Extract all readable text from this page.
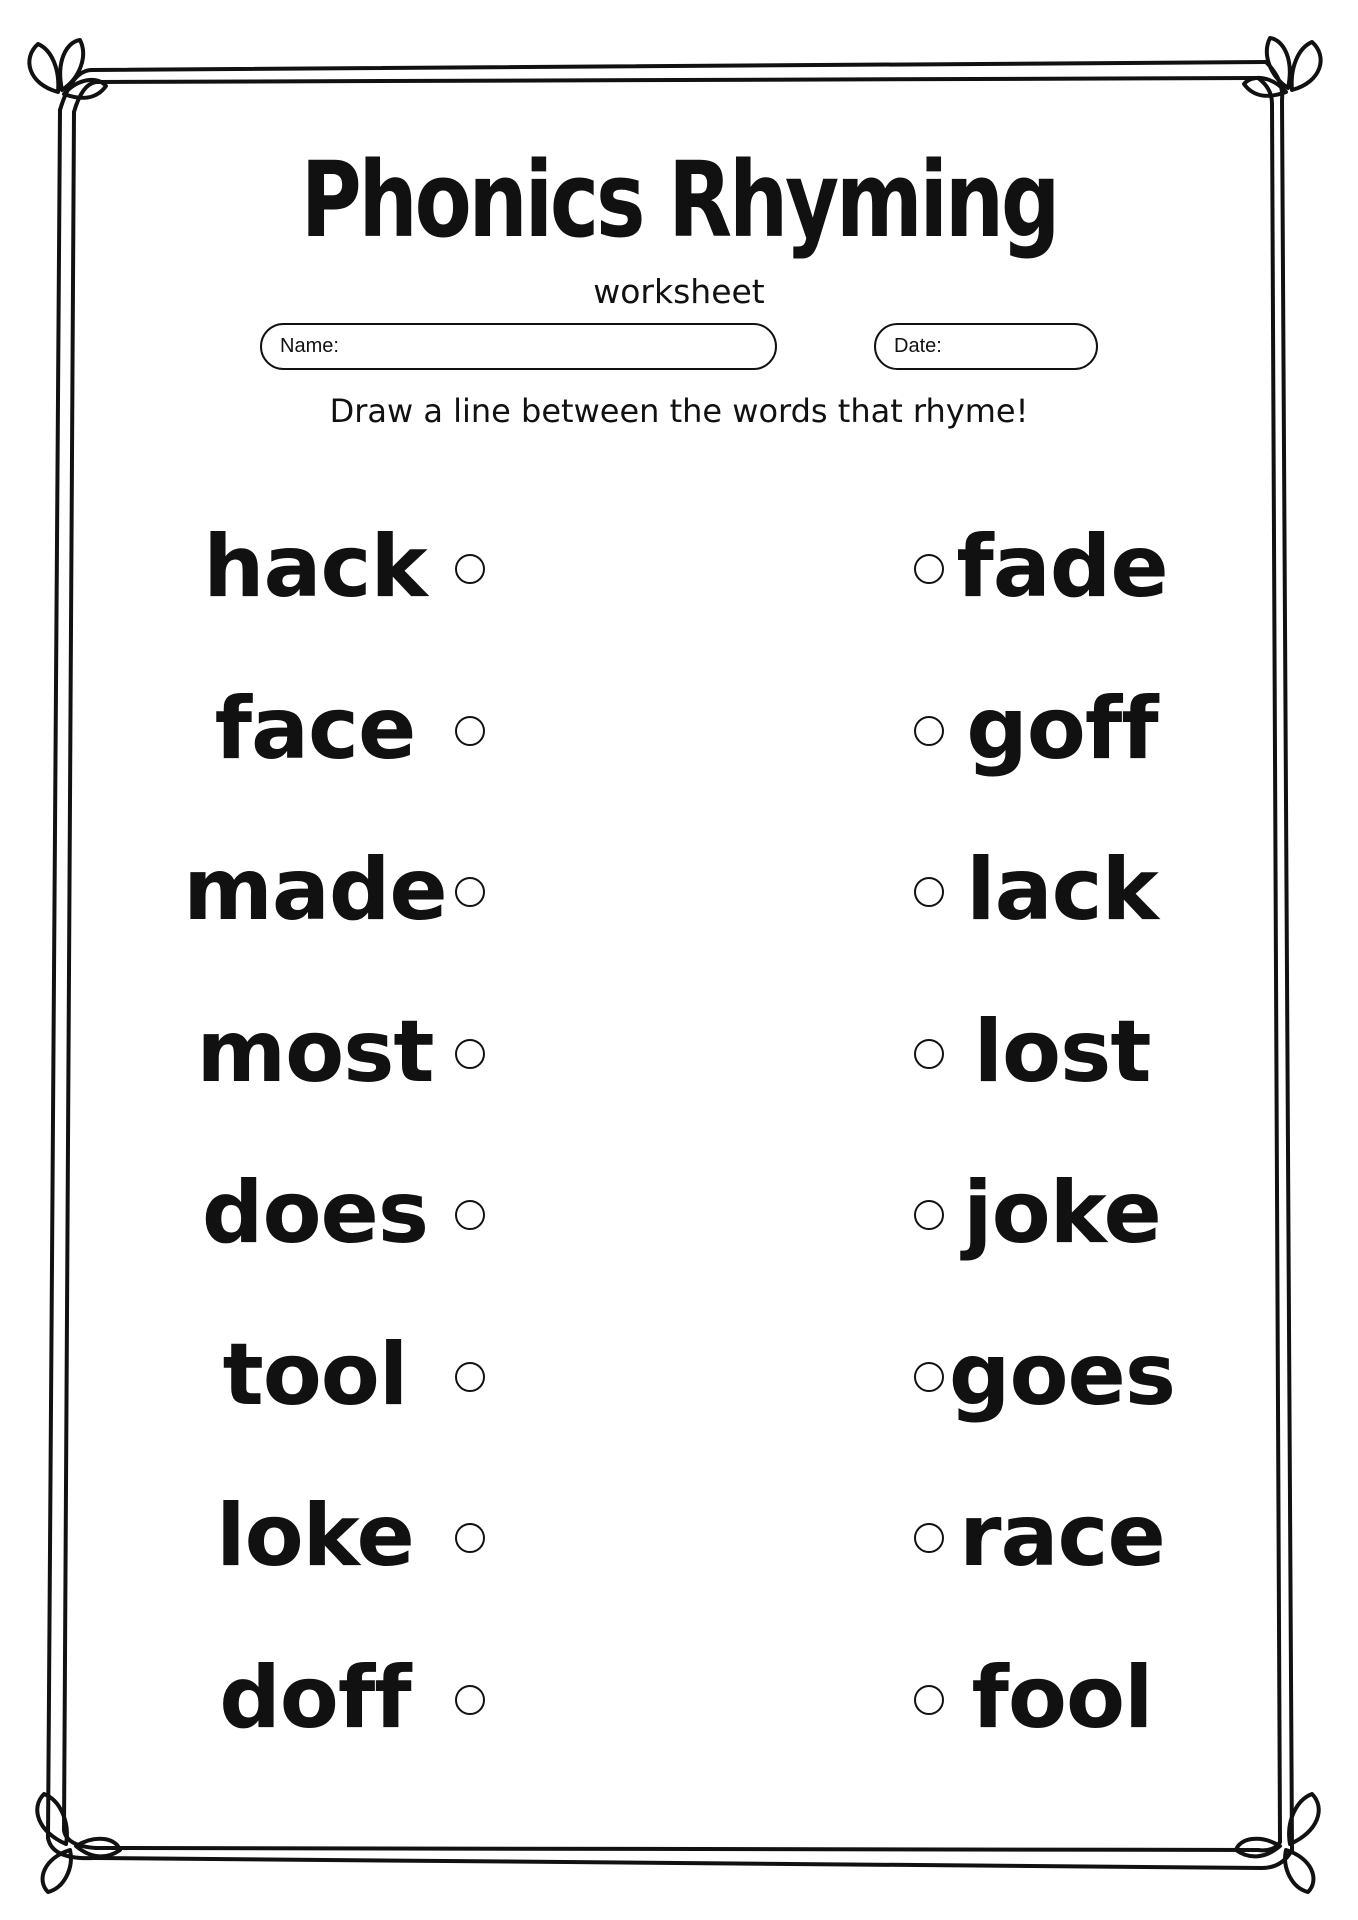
Phonics Rhyming
worksheet
Name:	Date:
Draw a line between the words that rhyme!
hack	fade
face	goff
made	lack
most	lost
does	joke
tool	goes
loke	race
doff	fool
